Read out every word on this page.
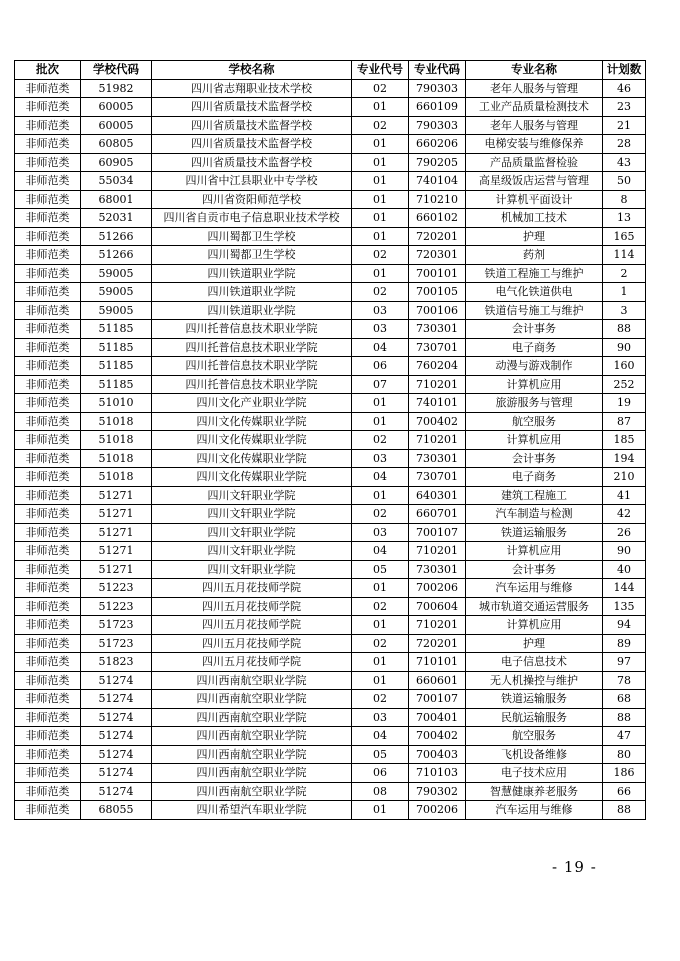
批次	学校代码	学校名称	专业代号	专业代码	专业名称	计划数
非师范类	51982	四川省志翔职业技术学校	02	790303	老年人服务与管理	46
非师范类	60005	四川省质量技术监督学校	01	660109	工业产品质量检测技术	23
非师范类	60005	四川省质量技术监督学校	02	790303	老年人服务与管理	21
非师范类	60805	四川省质量技术监督学校	01	660206	电梯安装与维修保养	28
非师范类	60905	四川省质量技术监督学校	01	790205	产品质量监督检验	43
非师范类	55034	四川省中江县职业中专学校	01	740104	高星级饭店运营与管理	50
非师范类	68001	四川省资阳师范学校	01	710210	计算机平面设计	8
非师范类	52031	四川省自贡市电子信息职业技术学校	01	660102	机械加工技术	13
非师范类	51266	四川蜀都卫生学校	01	720201	护理	165
非师范类	51266	四川蜀都卫生学校	02	720301	药剂	114
非师范类	59005	四川铁道职业学院	01	700101	铁道工程施工与维护	2
非师范类	59005	四川铁道职业学院	02	700105	电气化铁道供电	1
非师范类	59005	四川铁道职业学院	03	700106	铁道信号施工与维护	3
非师范类	51185	四川托普信息技术职业学院	03	730301	会计事务	88
非师范类	51185	四川托普信息技术职业学院	04	730701	电子商务	90
非师范类	51185	四川托普信息技术职业学院	06	760204	动漫与游戏制作	160
非师范类	51185	四川托普信息技术职业学院	07	710201	计算机应用	252
非师范类	51010	四川文化产业职业学院	01	740101	旅游服务与管理	19
非师范类	51018	四川文化传媒职业学院	01	700402	航空服务	87
非师范类	51018	四川文化传媒职业学院	02	710201	计算机应用	185
非师范类	51018	四川文化传媒职业学院	03	730301	会计事务	194
非师范类	51018	四川文化传媒职业学院	04	730701	电子商务	210
非师范类	51271	四川文轩职业学院	01	640301	建筑工程施工	41
非师范类	51271	四川文轩职业学院	02	660701	汽车制造与检测	42
非师范类	51271	四川文轩职业学院	03	700107	铁道运输服务	26
非师范类	51271	四川文轩职业学院	04	710201	计算机应用	90
非师范类	51271	四川文轩职业学院	05	730301	会计事务	40
非师范类	51223	四川五月花技师学院	01	700206	汽车运用与维修	144
非师范类	51223	四川五月花技师学院	02	700604	城市轨道交通运营服务	135
非师范类	51723	四川五月花技师学院	01	710201	计算机应用	94
非师范类	51723	四川五月花技师学院	02	720201	护理	89
非师范类	51823	四川五月花技师学院	01	710101	电子信息技术	97
非师范类	51274	四川西南航空职业学院	01	660601	无人机操控与维护	78
非师范类	51274	四川西南航空职业学院	02	700107	铁道运输服务	68
非师范类	51274	四川西南航空职业学院	03	700401	民航运输服务	88
非师范类	51274	四川西南航空职业学院	04	700402	航空服务	47
非师范类	51274	四川西南航空职业学院	05	700403	飞机设备维修	80
非师范类	51274	四川西南航空职业学院	06	710103	电子技术应用	186
非师范类	51274	四川西南航空职业学院	08	790302	智慧健康养老服务	66
非师范类	68055	四川希望汽车职业学院	01	700206	汽车运用与维修	88
- 19 -
